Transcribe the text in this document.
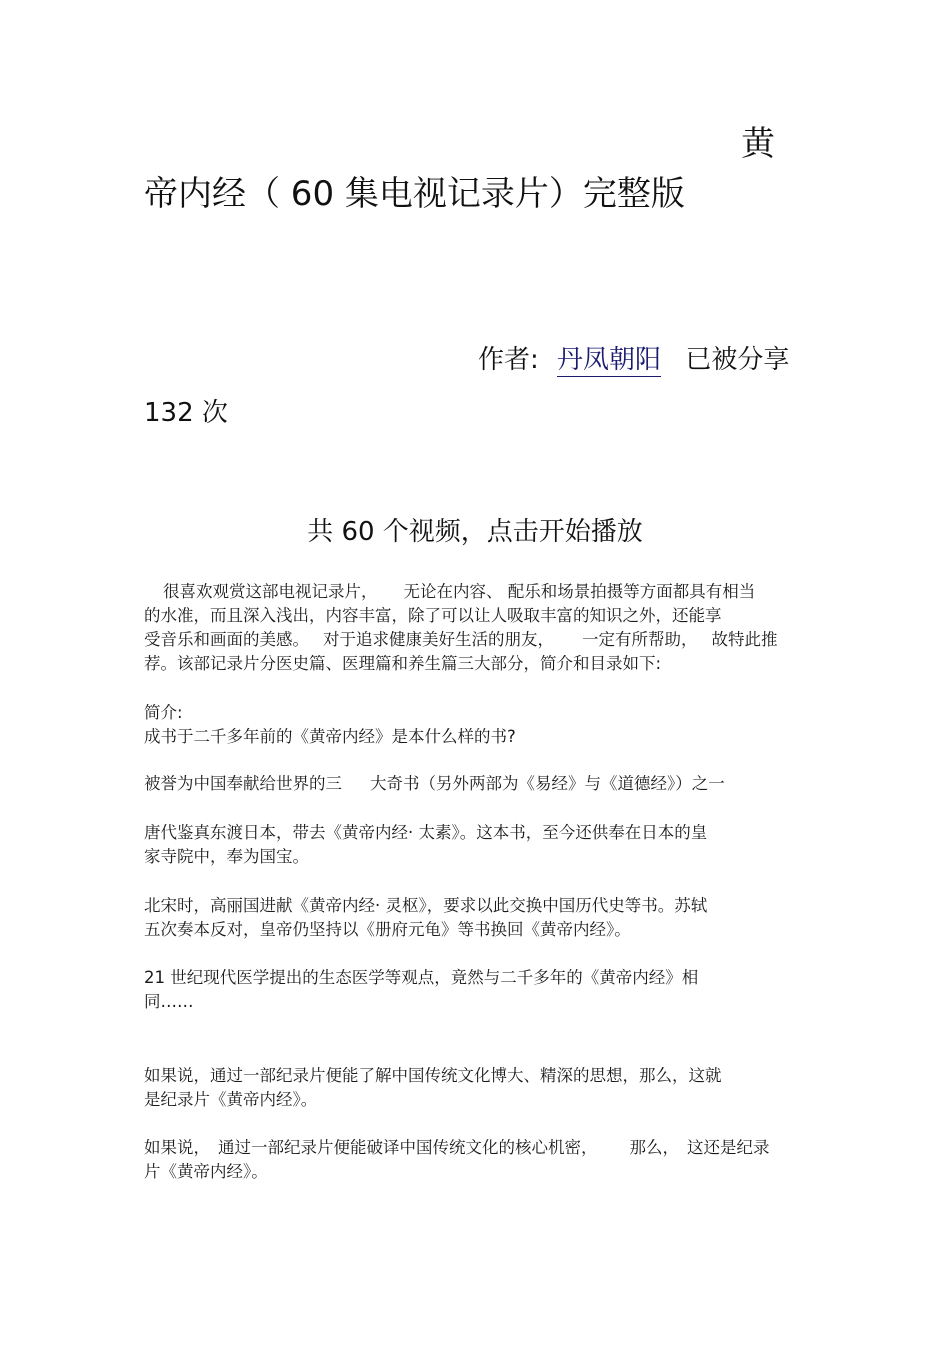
黄
帝内经（ 60 集电视记录片）完整版
作者: 丹凤朝阳 已被分享
132 次
共 60 个视频，点击开始播放
很喜欢观赏这部电视记录片， 无论在内容、 配乐和场景拍摄等方面都具有相当
的水准，而且深入浅出，内容丰富，除了可以让人吸取丰富的知识之外，还能享
受音乐和画面的美感。 对于追求健康美好生活的朋友， 一定有所帮助， 故特此推
荐。该部记录片分医史篇、医理篇和养生篇三大部分，简介和目录如下:
简介:
成书于二千多年前的《黄帝内经》是本什么样的书?
被誉为中国奉献给世界的三 大奇书（另外两部为《易经》与《道德经》）之一
唐代鉴真东渡日本，带去《黄帝内经· 太素》。这本书，至今还供奉在日本的皇
家寺院中，奉为国宝。
北宋时，高丽国进献《黄帝内经· 灵枢》，要求以此交换中国历代史等书。苏轼
五次奏本反对，皇帝仍坚持以《册府元龟》等书换回《黄帝内经》。
21 世纪现代医学提出的生态医学等观点，竟然与二千多年的《黄帝内经》相
同……
如果说，通过一部纪录片便能了解中国传统文化博大、精深的思想，那么，这就
是纪录片《黄帝内经》。
如果说， 通过一部纪录片便能破译中国传统文化的核心机密， 那么， 这还是纪录
片《黄帝内经》。
